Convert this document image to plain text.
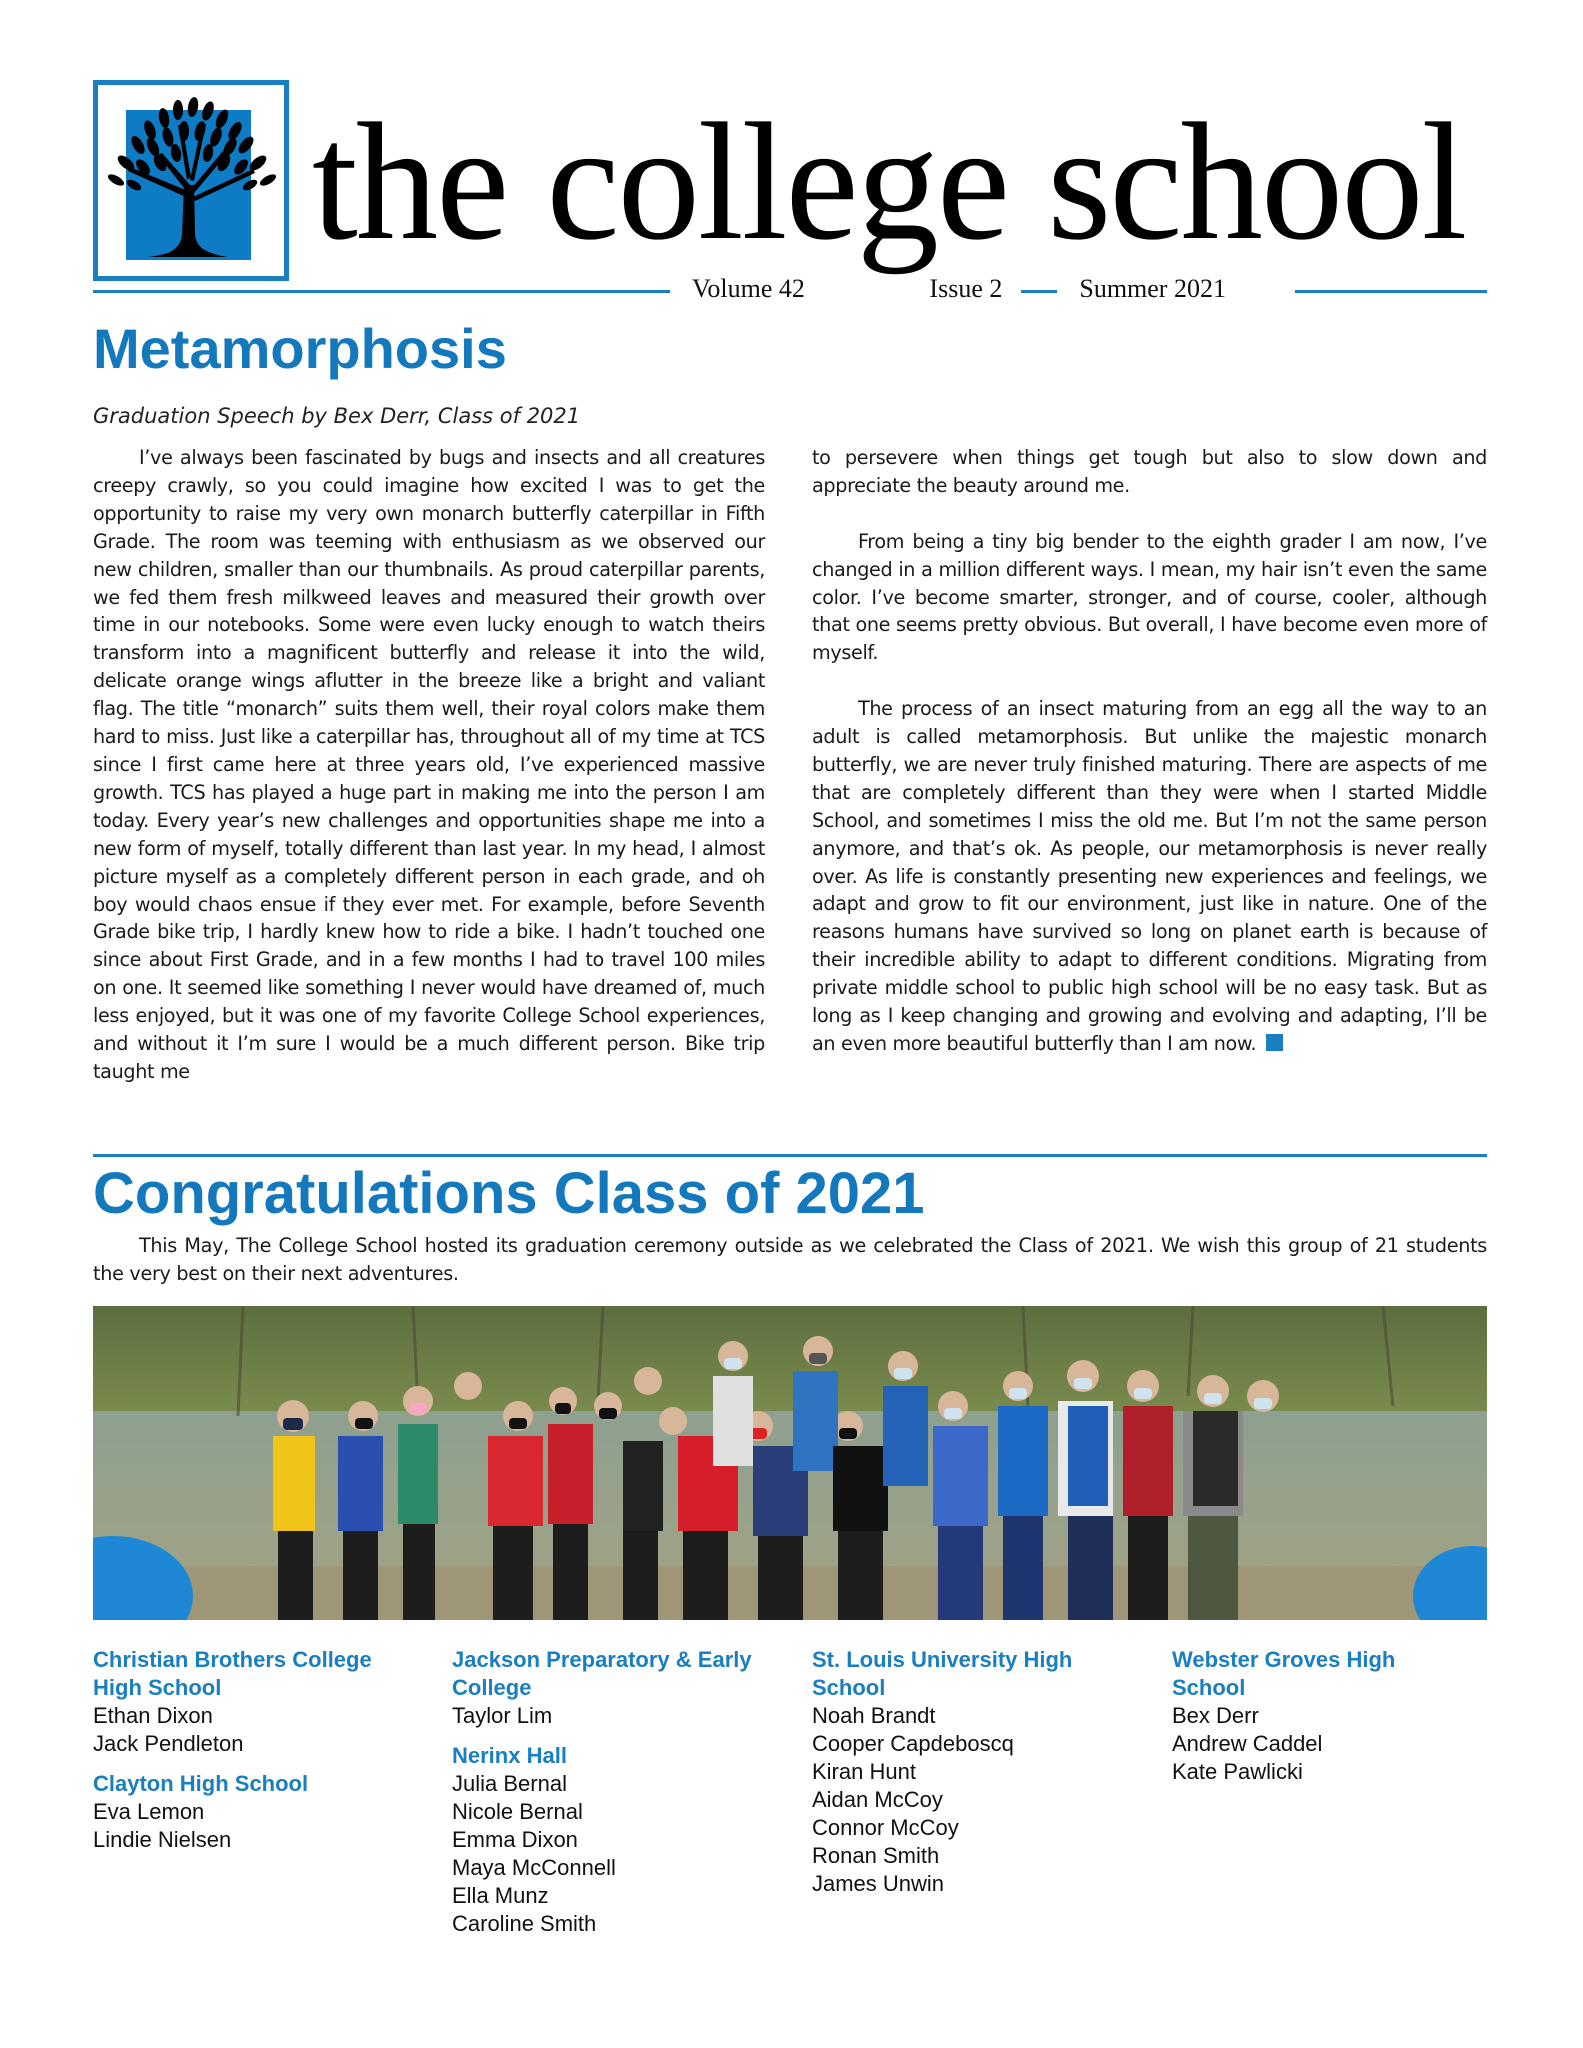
the college school
Volume 42	Issue 2	Summer 2021
Metamorphosis
Graduation Speech by Bex Derr, Class of 2021

I’ve always been fascinated by bugs and insects and all creatures creepy crawly, so you could imagine how excited I was to get the opportunity to raise my very own monarch butterfly caterpillar in Fifth Grade. The room was teeming with enthusiasm as we observed our new children, smaller than our thumbnails. As proud caterpillar parents, we fed them fresh milkweed leaves and measured their growth over time in our notebooks. Some were even lucky enough to watch theirs transform into a magnificent butterfly and release it into the wild, delicate orange wings aflutter in the breeze like a bright and valiant flag. The title “monarch” suits them well, their royal colors make them hard to miss. Just like a caterpillar has, throughout all of my time at TCS since I first came here at three years old, I’ve experienced massive growth. TCS has played a huge part in making me into the person I am today. Every year’s new challenges and opportunities shape me into a new form of myself, totally different than last year. In my head, I almost picture myself as a completely different person in each grade, and oh boy would chaos ensue if they ever met. For example, before Seventh Grade bike trip, I hardly knew how to ride a bike. I hadn’t touched one since about First Grade, and in a few months I had to travel 100 miles on one. It seemed like something I never would have dreamed of, much less enjoyed, but it was one of my favorite College School experiences, and without it I’m sure I would be a much different person. Bike trip taught me

to persevere when things get tough but also to slow down and appreciate the beauty around me.

From being a tiny big bender to the eighth grader I am now, I’ve changed in a million different ways. I mean, my hair isn’t even the same color. I’ve become smarter, stronger, and of course, cooler, although that one seems pretty obvious. But overall, I have become even more of myself.

The process of an insect maturing from an egg all the way to an adult is called metamorphosis. But unlike the majestic monarch butterfly, we are never truly finished maturing. There are aspects of me that are completely different than they were when I started Middle School, and sometimes I miss the old me. But I’m not the same person anymore, and that’s ok. As people, our metamorphosis is never really over. As life is constantly presenting new experiences and feelings, we adapt and grow to fit our environment, just like in nature. One of the reasons humans have survived so long on planet earth is because of their incredible ability to adapt to different conditions. Migrating from private middle school to public high school will be no easy task. But as long as I keep changing and growing and evolving and adapting, I’ll be an even more beautiful butterfly than I am now.

Congratulations Class of 2021

This May, The College School hosted its graduation ceremony outside as we celebrated the Class of 2021. We wish this group of 21 students the very best on their next adventures.

Christian Brothers College High School
Ethan Dixon
Jack Pendleton
Clayton High School
Eva Lemon
Lindie Nielsen
Jackson Preparatory & Early College
Taylor Lim
Nerinx Hall
Julia Bernal
Nicole Bernal
Emma Dixon
Maya McConnell
Ella Munz
Caroline Smith
St. Louis University High School
Noah Brandt
Cooper Capdeboscq
Kiran Hunt
Aidan McCoy
Connor McCoy
Ronan Smith
James Unwin
Webster Groves High School
Bex Derr
Andrew Caddel
Kate Pawlicki
